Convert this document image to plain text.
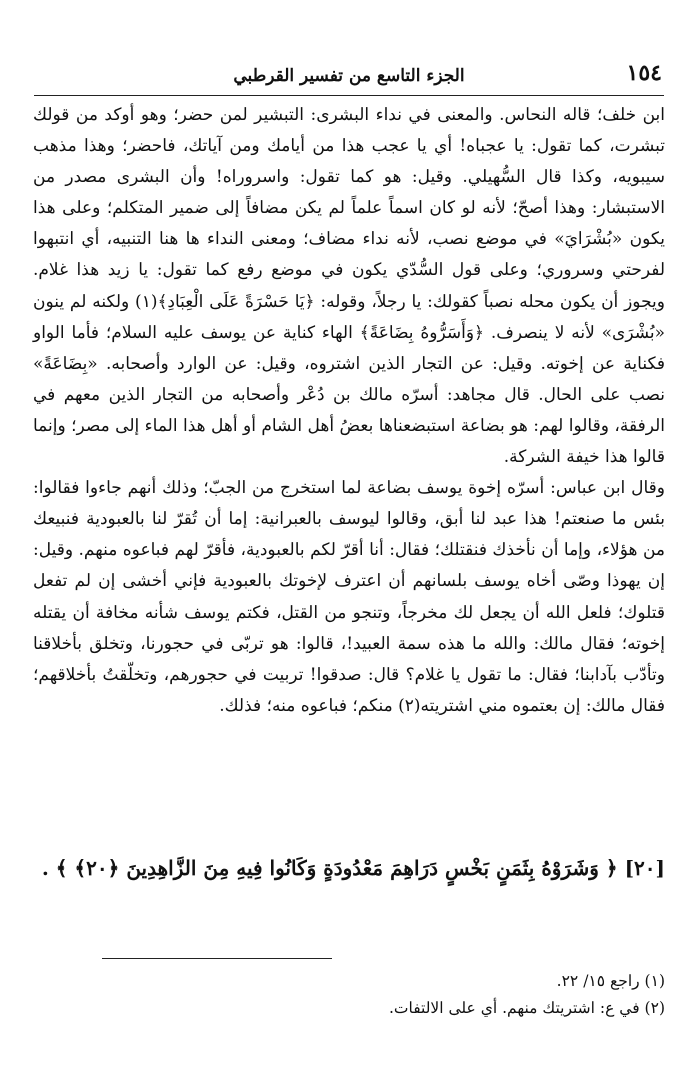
١٥٤
الجزء التاسع من تفسير القرطبي

ابن خلف؛ قاله النحاس. والمعنى في نداء البشرى: التبشير لمن حضر؛ وهو أوكد من قولك تبشرت، كما تقول: يا عجباه! أي يا عجب هذا من أيامك ومن آياتك، فاحضر؛ وهذا مذهب سيبويه، وكذا قال السُّهيلي. وقيل: هو كما تقول: واسروراه! وأن البشرى مصدر من الاستبشار: وهذا أصحّ؛ لأنه لو كان اسماً علماً لم يكن مضافاً إلى ضمير المتكلم؛ وعلى هذا يكون «بُشْرَايَ» في موضع نصب، لأنه نداء مضاف؛ ومعنى النداء ها هنا التنبيه، أي انتبهوا لفرحتي وسروري؛ وعلى قول السُّدّي يكون في موضع رفع كما تقول: يا زيد هذا غلام. ويجوز أن يكون محله نصباً كقولك: يا رجلاً، وقوله: ﴿يَا حَسْرَةً عَلَى الْعِبَادِ﴾(١) ولكنه لم ينون «بُشْرَى» لأنه لا ينصرف. ﴿وَأَسَرُّوهُ بِضَاعَةً﴾ الهاء كناية عن يوسف عليه السلام؛ فأما الواو فكناية عن إخوته. وقيل: عن التجار الذين اشتروه، وقيل: عن الوارد وأصحابه. «بِضَاعَةً» نصب على الحال. قال مجاهد: أسرّه مالك بن دُعْر وأصحابه من التجار الذين معهم في الرفقة، وقالوا لهم: هو بضاعة استبضعناها بعضُ أهل الشام أو أهل هذا الماء إلى مصر؛ وإنما قالوا هذا خيفة الشركة.

وقال ابن عباس: أسرّه إخوة يوسف بضاعة لما استخرج من الجبّ؛ وذلك أنهم جاءوا فقالوا: بئس ما صنعتم! هذا عبد لنا أبق، وقالوا ليوسف بالعبرانية: إما أن تُقرّ لنا بالعبودية فنبيعك من هؤلاء، وإما أن نأخذك فنقتلك؛ فقال: أنا أقرّ لكم بالعبودية، فأقرّ لهم فباعوه منهم. وقيل: إن يهوذا وصّى أخاه يوسف بلسانهم أن اعترف لإخوتك بالعبودية فإني أخشى إن لم تفعل قتلوك؛ فلعل الله أن يجعل لك مخرجاً، وتنجو من القتل، فكتم يوسف شأنه مخافة أن يقتله إخوته؛ فقال مالك: والله ما هذه سمة العبيد!، قالوا: هو تربّى في حجورنا، وتخلق بأخلاقنا وتأدّب بآدابنا؛ فقال: ما تقول يا غلام؟ قال: صدقوا! تربيت في حجورهم، وتخلّقتُ بأخلاقهم؛ فقال مالك: إن بعتموه مني اشتريته(٢) منكم؛ فباعوه منه؛ فذلك.

[٢٠] ﴿ وَشَرَوْهُ بِثَمَنٍ بَخْسٍ دَرَاهِمَ مَعْدُودَةٍ وَكَانُوا فِيهِ مِنَ الزَّاهِدِينَ ﴿٢٠﴾ ﴾ .
(١) راجع ١٥/ ٢٢.
(٢) في ع: اشتريتك منهم. أي على الالتفات.
